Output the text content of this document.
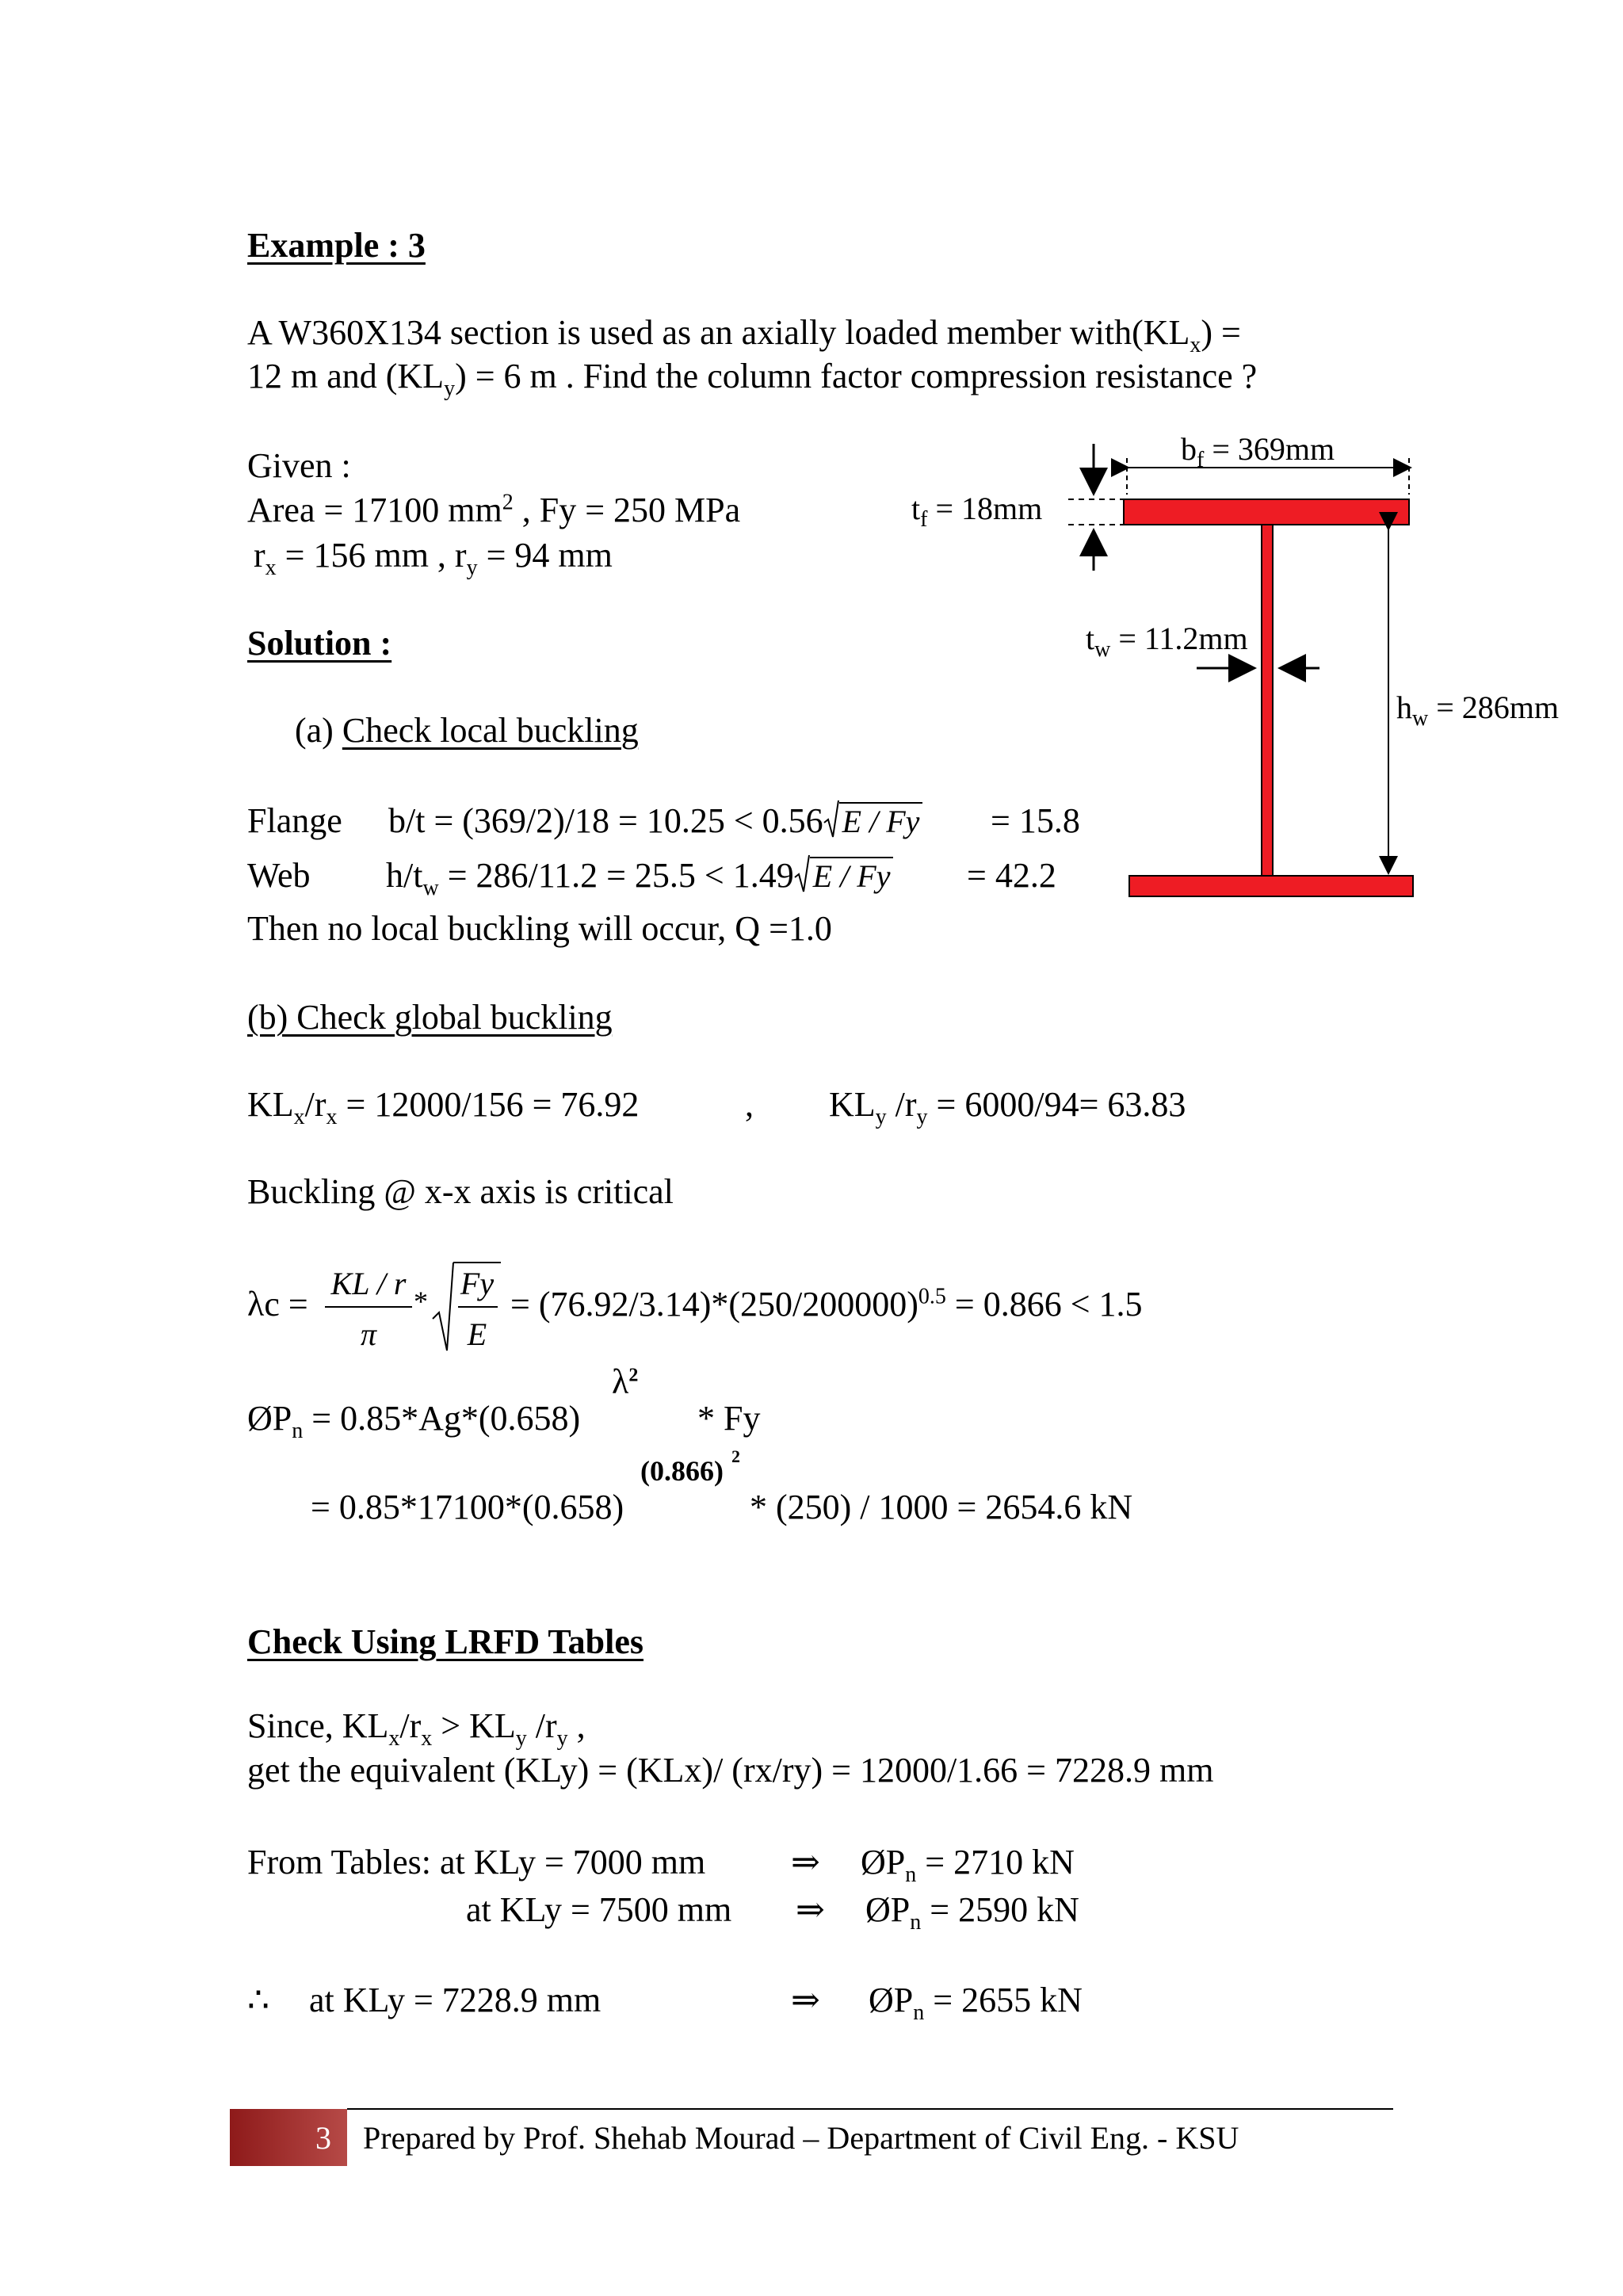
Example : 3
A W360X134 section is used as an axially loaded member $with(KL_x)$ =
12 m and $(KL_y) = 6$ m . Find the column factor compression resistance ?
Given :
Area = 17100 $mm^2$ , Fy = 250 MPa
$r_x = 156$ mm , $r_y = 94$ mm
Solution :
(a) Check local buckling
Flange b/t = (369/2)/18 = 10.25 < 0.56 E / Fy = 15.8
Web $h/t_w = 286/11.2 = 25.5 < 1.49$ E / Fy = 42.2
Then no local buckling will occur, Q =1.0
$b_f = 369mm$
$t_f = 18mm$
$t_w = 11.2mm$
$h_w = 286mm$
(b) Check global buckling
$KL_x/r_x = 12000/156 = 76.92$	, $KL_y$ $/r_y = 6000/94= 63.83$
Buckling @ x-x axis is critical
λc =
KL / r
π
* Fy
E
= $(76.92/3.14)*(250/200000)^{0.5} = 0.866 < 1.5$
$\lambda^2$
$ØP_n = 0.85*Ag*(0.658)$	* Fy
(0.866) $^2$
= 0.85*17100*(0.658)	* (250) / 1000 = 2654.6 kN
Check Using LRFD Tables
Since, $KL_x/r_x > KL_y$ $/r_y$ ,
get the equivalent (KLy) = (KLx)/ (rx/ry) = 12000/1.66 = 7228.9 mm
From Tables: at KLy = 7000 mm ⇒ $ØP_n = 2710$ kN
at KLy = 7500 mm ⇒ $ØP_n = 2590$ kN
∴ at KLy = 7228.9 mm	⇒ $ØP_n = 2655$ kN
3 Prepared by Prof. Shehab Mourad – Department of Civil Eng. - KSU
